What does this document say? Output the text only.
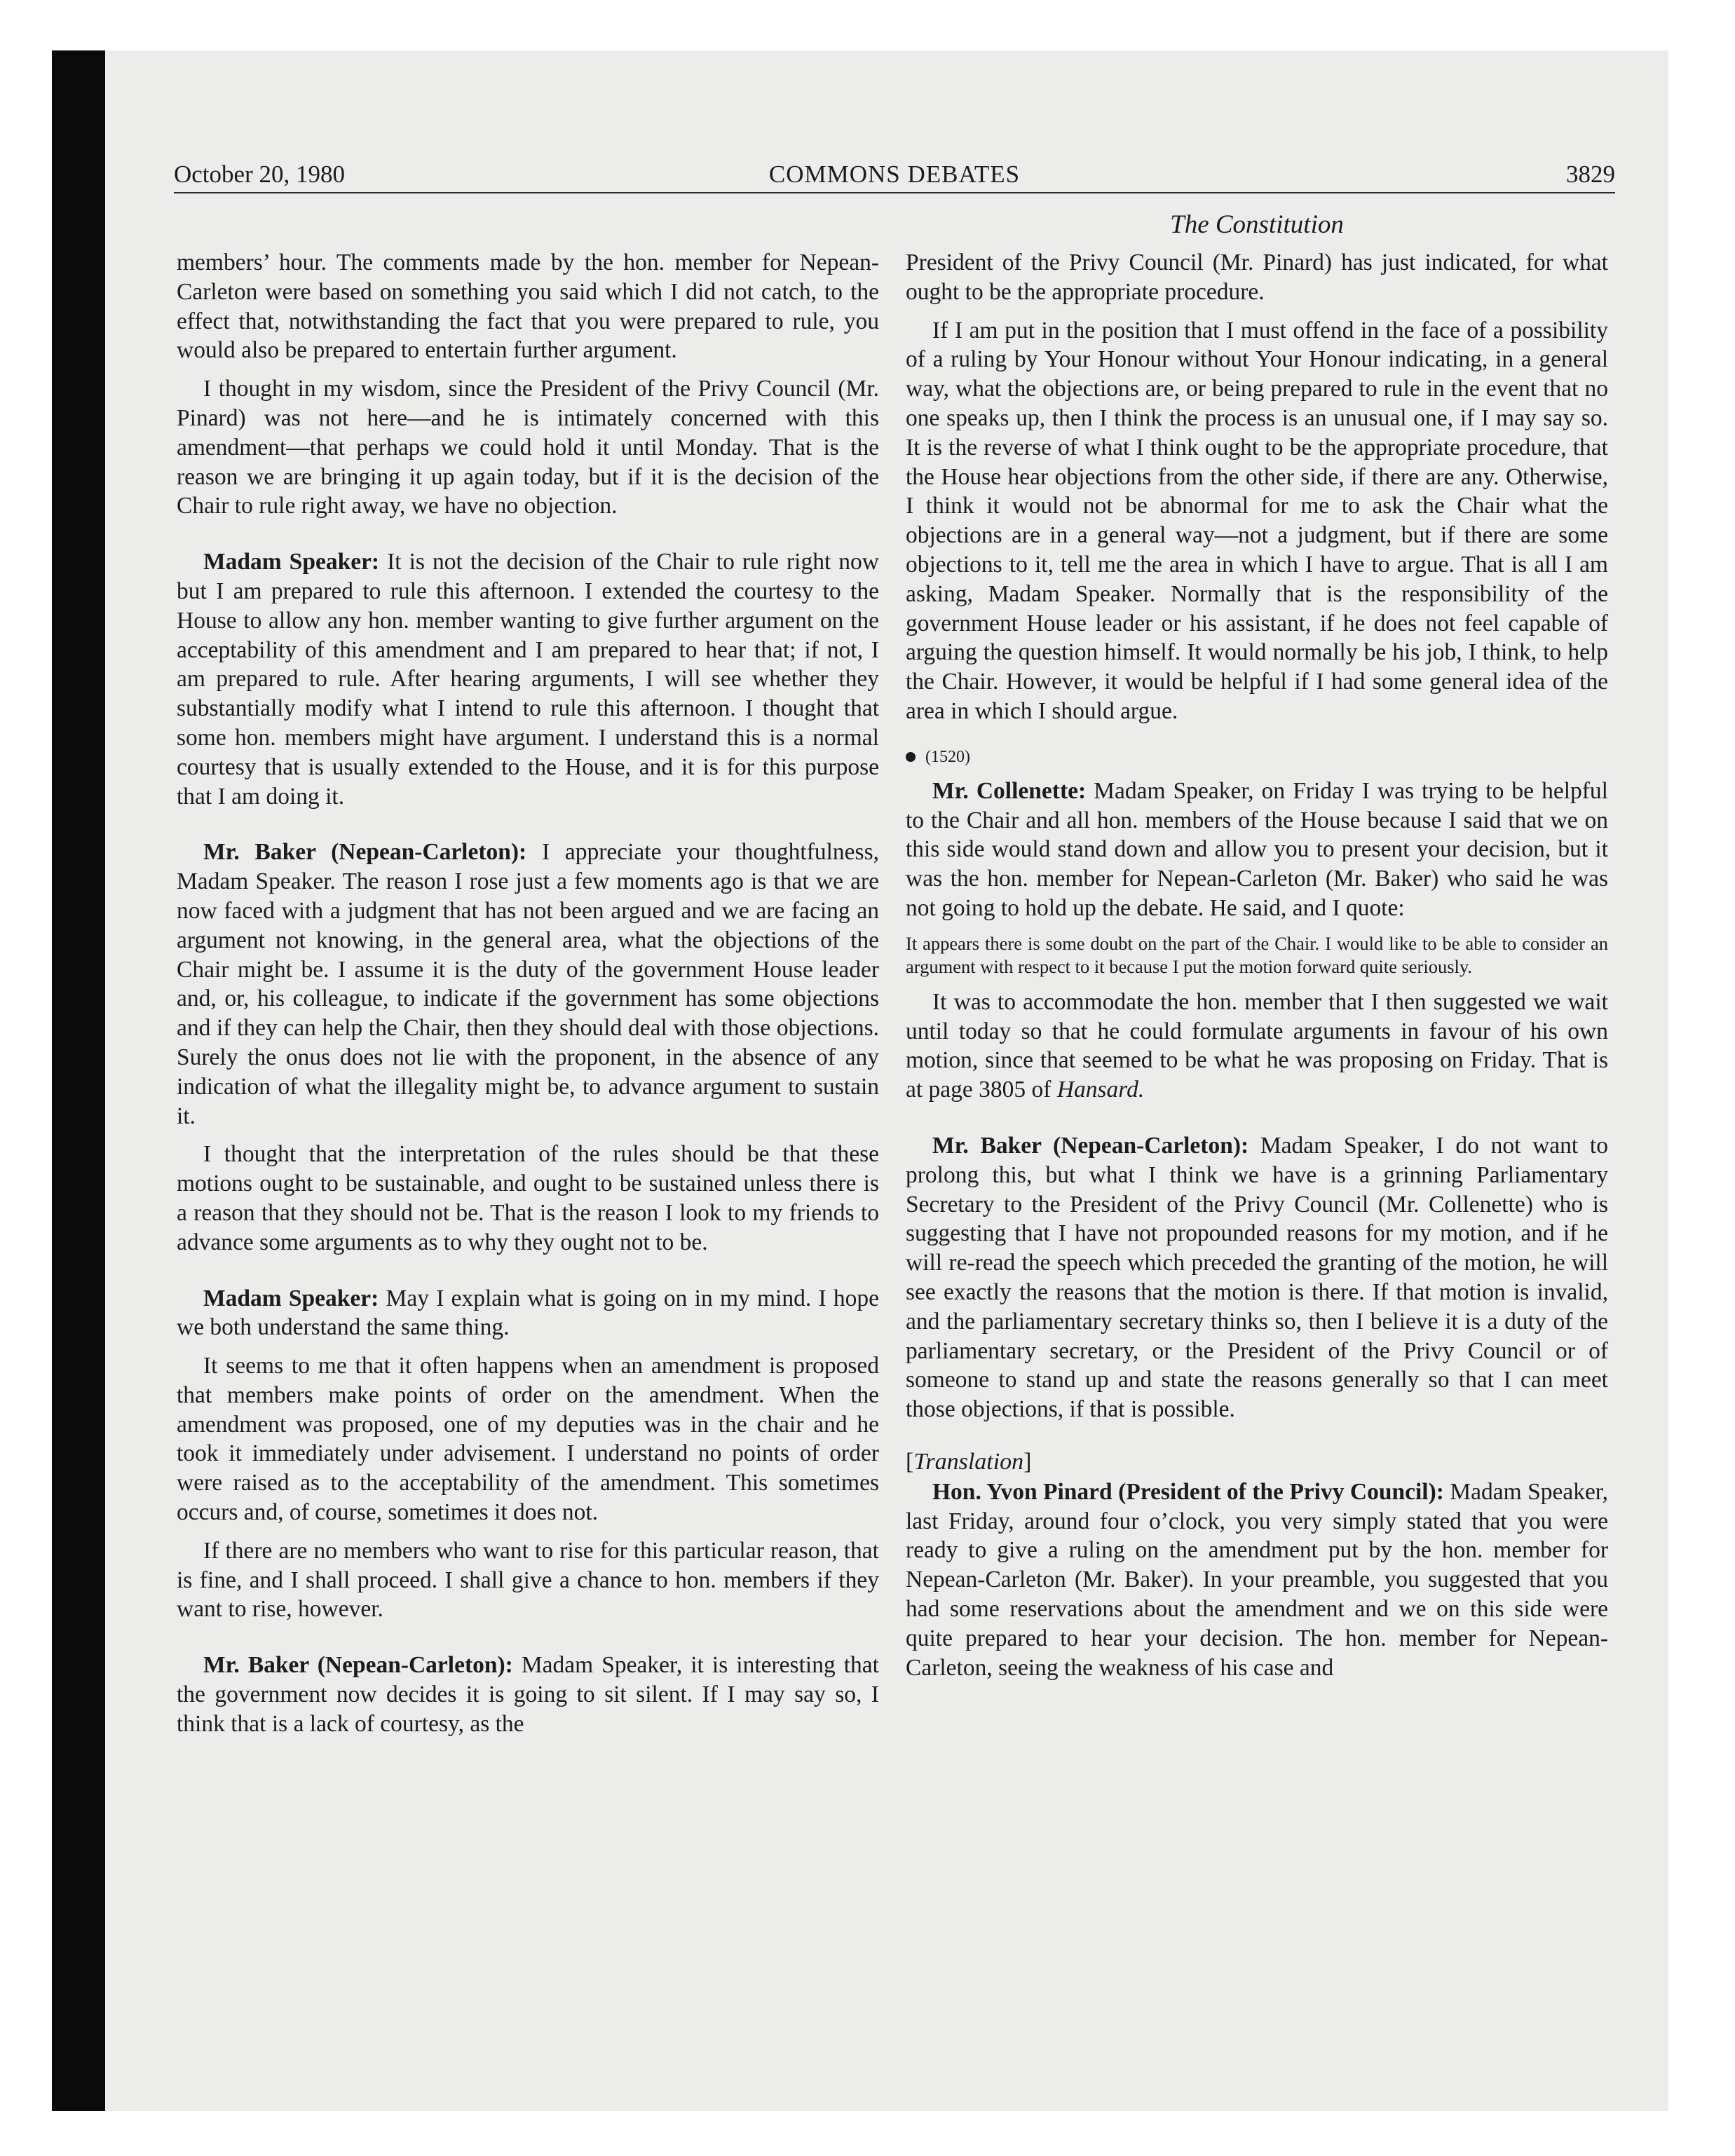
October 20, 1980	COMMONS DEBATES	3829
The Constitution

members’ hour. The comments made by the hon. member for Nepean-Carleton were based on something you said which I did not catch, to the effect that, notwithstanding the fact that you were prepared to rule, you would also be prepared to entertain further argument.

I thought in my wisdom, since the President of the Privy Council (Mr. Pinard) was not here—and he is intimately concerned with this amendment—that perhaps we could hold it until Monday. That is the reason we are bringing it up again today, but if it is the decision of the Chair to rule right away, we have no objection.

Madam Speaker: It is not the decision of the Chair to rule right now but I am prepared to rule this afternoon. I extended the courtesy to the House to allow any hon. member wanting to give further argument on the acceptability of this amendment and I am prepared to hear that; if not, I am prepared to rule. After hearing arguments, I will see whether they substantially modify what I intend to rule this afternoon. I thought that some hon. members might have argument. I understand this is a normal courtesy that is usually extended to the House, and it is for this purpose that I am doing it.

Mr. Baker (Nepean-Carleton): I appreciate your thoughtfulness, Madam Speaker. The reason I rose just a few moments ago is that we are now faced with a judgment that has not been argued and we are facing an argument not knowing, in the general area, what the objections of the Chair might be. I assume it is the duty of the government House leader and, or, his colleague, to indicate if the government has some objections and if they can help the Chair, then they should deal with those objections. Surely the onus does not lie with the proponent, in the absence of any indication of what the illegality might be, to advance argument to sustain it.

I thought that the interpretation of the rules should be that these motions ought to be sustainable, and ought to be sustained unless there is a reason that they should not be. That is the reason I look to my friends to advance some arguments as to why they ought not to be.

Madam Speaker: May I explain what is going on in my mind. I hope we both understand the same thing.

It seems to me that it often happens when an amendment is proposed that members make points of order on the amendment. When the amendment was proposed, one of my deputies was in the chair and he took it immediately under advisement. I understand no points of order were raised as to the acceptability of the amendment. This sometimes occurs and, of course, sometimes it does not.

If there are no members who want to rise for this particular reason, that is fine, and I shall proceed. I shall give a chance to hon. members if they want to rise, however.

Mr. Baker (Nepean-Carleton): Madam Speaker, it is interesting that the government now decides it is going to sit silent. If I may say so, I think that is a lack of courtesy, as the

President of the Privy Council (Mr. Pinard) has just indicated, for what ought to be the appropriate procedure.

If I am put in the position that I must offend in the face of a possibility of a ruling by Your Honour without Your Honour indicating, in a general way, what the objections are, or being prepared to rule in the event that no one speaks up, then I think the process is an unusual one, if I may say so. It is the reverse of what I think ought to be the appropriate procedure, that the House hear objections from the other side, if there are any. Otherwise, I think it would not be abnormal for me to ask the Chair what the objections are in a general way—not a judgment, but if there are some objections to it, tell me the area in which I have to argue. That is all I am asking, Madam Speaker. Normally that is the responsibility of the government House leader or his assistant, if he does not feel capable of arguing the question himself. It would normally be his job, I think, to help the Chair. However, it would be helpful if I had some general idea of the area in which I should argue.

(1520)

Mr. Collenette: Madam Speaker, on Friday I was trying to be helpful to the Chair and all hon. members of the House because I said that we on this side would stand down and allow you to present your decision, but it was the hon. member for Nepean-Carleton (Mr. Baker) who said he was not going to hold up the debate. He said, and I quote:

It appears there is some doubt on the part of the Chair. I would like to be able to consider an argument with respect to it because I put the motion forward quite seriously.

It was to accommodate the hon. member that I then suggested we wait until today so that he could formulate arguments in favour of his own motion, since that seemed to be what he was proposing on Friday. That is at page 3805 of Hansard.

Mr. Baker (Nepean-Carleton): Madam Speaker, I do not want to prolong this, but what I think we have is a grinning Parliamentary Secretary to the President of the Privy Council (Mr. Collenette) who is suggesting that I have not propounded reasons for my motion, and if he will re-read the speech which preceded the granting of the motion, he will see exactly the reasons that the motion is there. If that motion is invalid, and the parliamentary secretary thinks so, then I believe it is a duty of the parliamentary secretary, or the President of the Privy Council or of someone to stand up and state the reasons generally so that I can meet those objections, if that is possible.

[Translation]

Hon. Yvon Pinard (President of the Privy Council): Madam Speaker, last Friday, around four o’clock, you very simply stated that you were ready to give a ruling on the amendment put by the hon. member for Nepean-Carleton (Mr. Baker). In your preamble, you suggested that you had some reservations about the amendment and we on this side were quite prepared to hear your decision. The hon. member for Nepean-Carleton, seeing the weakness of his case and
